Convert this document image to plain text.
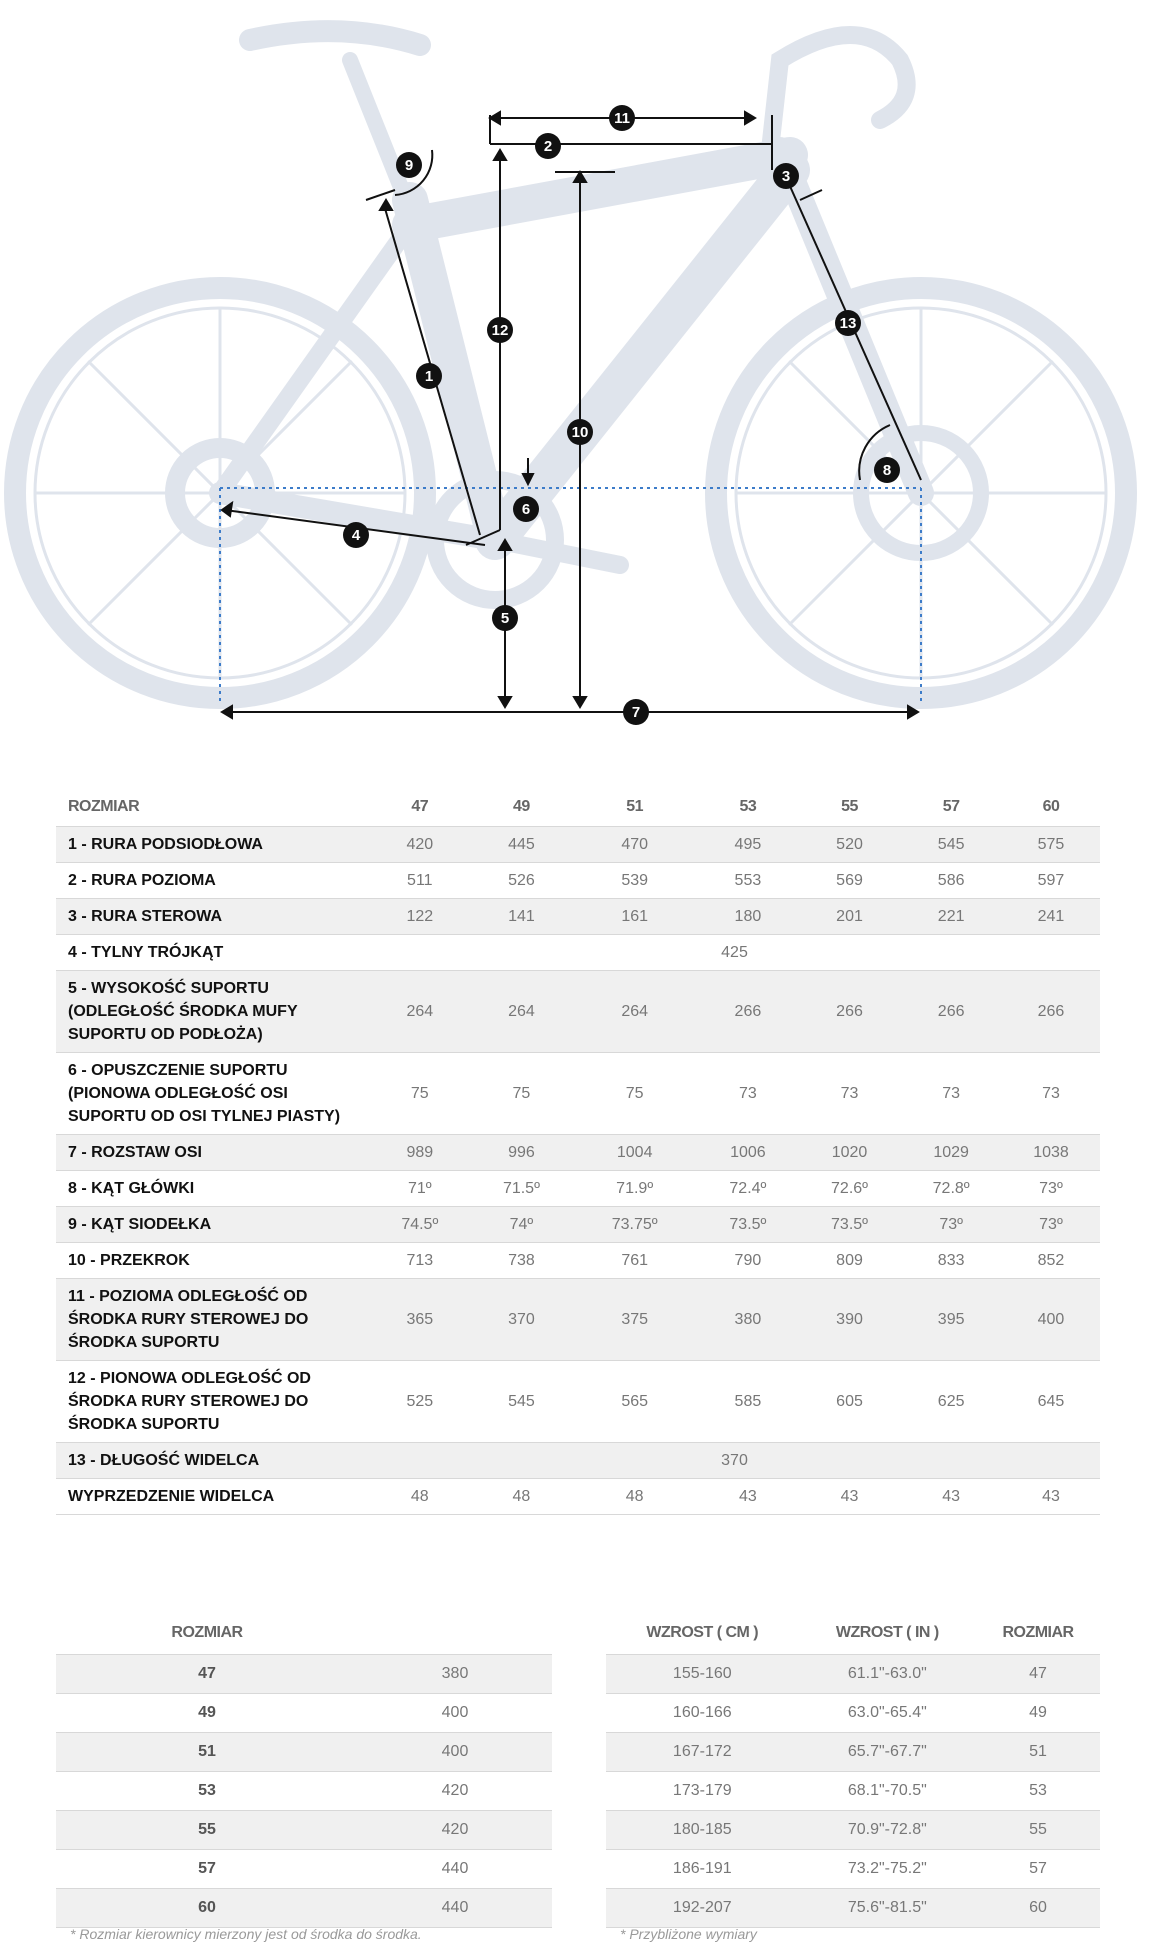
1
2
3
4
5
6
7
8
9
10
11
12	13
ROZMIAR	47	49	51	53	55	57	60
1 - RURA PODSIODŁOWA	420	445	470	495	520	545	575
2 - RURA POZIOMA	511	526	539	553	569	586	597
3 - RURA STEROWA	122	141	161	180	201	221	241
4 - TYLNY TRÓJKĄT	425						
5 - WYSOKOŚĆ SUPORTU (ODLEGŁOŚĆ ŚRODKA MUFY SUPORTU OD PODŁOŻA)	264	264	264	266	266	266	266
6 - OPUSZCZENIE SUPORTU (PIONOWA ODLEGŁOŚĆ OSI SUPORTU OD OSI TYLNEJ PIASTY)	75	75	75	73	73	73	73
7 - ROZSTAW OSI	989	996	1004	1006	1020	1029	1038
8 - KĄT GŁÓWKI	71º	71.5º	71.9º	72.4º	72.6º	72.8º	73º
9 - KĄT SIODEŁKA	74.5º	74º	73.75º	73.5º	73.5º	73º	73º
10 - PRZEKROK	713	738	761	790	809	833	852
11 - POZIOMA ODLEGŁOŚĆ OD ŚRODKA RURY STEROWEJ DO ŚRODKA SUPORTU	365	370	375	380	390	395	400
12 - PIONOWA ODLEGŁOŚĆ OD ŚRODKA RURY STEROWEJ DO ŚRODKA SUPORTU	525	545	565	585	605	625	645
13 - DŁUGOŚĆ WIDELCA	370						
WYPRZEDZENIE WIDELCA	48	48	48	43	43	43	43
ROZMIAR	
47	380
49	400
51	400
53	420
55	420
57	440
60	440
* Rozmiar kierownicy mierzony jest od środka do środka.
WZROST ( CM )	WZROST ( IN )	ROZMIAR
155-160	61.1"-63.0"	47
160-166	63.0"-65.4"	49
167-172	65.7"-67.7"	51
173-179	68.1"-70.5"	53
180-185	70.9"-72.8"	55
186-191	73.2"-75.2"	57
192-207	75.6"-81.5"	60
* Przybliżone wymiary
